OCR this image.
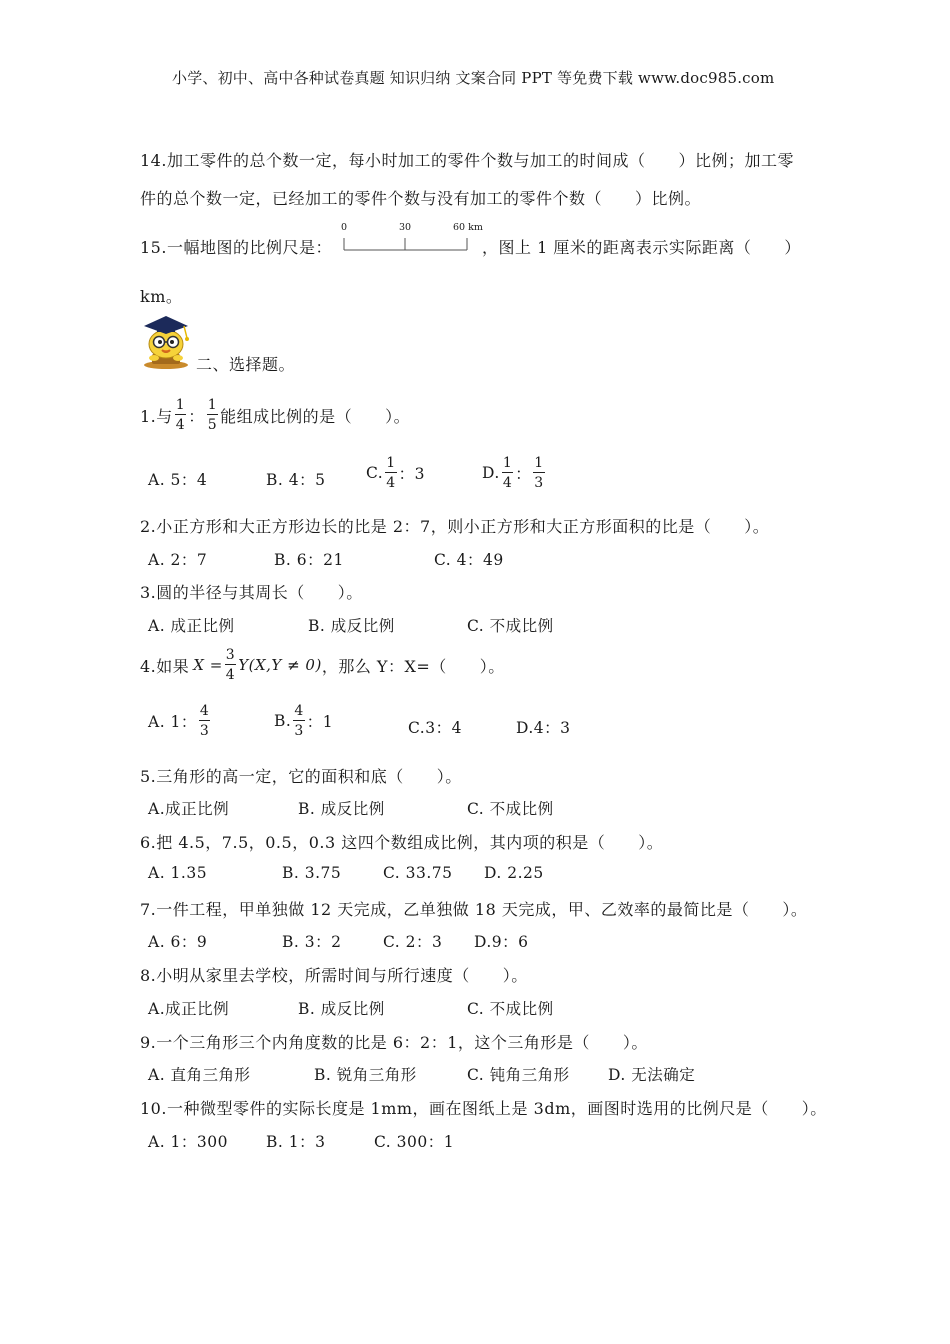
小学、初中、高中各种试卷真题 知识归纳 文案合同 PPT 等免费下载 www.doc985.com
14.加工零件的总个数一定，每小时加工的零件个数与加工的时间成（　　）比例；加工零
件的总个数一定，已经加工的零件个数与没有加工的零件个数（　　）比例。
15.一幅地图的比例尺是：
0	30	60 km
，图上 1 厘米的距离表示实际距离（　　）
km。
二、选择题。
1.与 $\frac{1}{4}$ ： $\frac{1}{5}$ 能组成比例的是（　　）。
A. 5：4	B. 4：5	C. $\frac{1}{4}$ ：3	D. $\frac{1}{4}$ ： $\frac{1}{3}$
2.小正方形和大正方形边长的比是 2：7，则小正方形和大正方形面积的比是（　　）。
A. 2：7	B. 6：21	C. 4：49
3.圆的半径与其周长（　　）。
A. 成正比例	B. 成反比例	C. 不成比例
4.如果 $X = \frac{3}{4} Y(X,Y \ne 0)$ ，那么 Y：X=（　　）。
A. 1： $\frac{4}{3}$	B. $\frac{4}{3}$ ：1	C.3：4	D.4：3
5.三角形的高一定，它的面积和底（　　）。
A.成正比例	B. 成反比例	C. 不成比例
6.把 4.5，7.5，0.5，0.3 这四个数组成比例，其内项的积是（　　）。
A. 1.35	B. 3.75	C. 33.75 D. 2.25
7.一件工程，甲单独做 12 天完成，乙单独做 18 天完成，甲、乙效率的最简比是（　　）。
A. 6：9	B. 3：2	C. 2：3 D.9：6
8.小明从家里去学校，所需时间与所行速度（　　）。
A.成正比例	B. 成反比例	C. 不成比例
9.一个三角形三个内角度数的比是 6：2：1，这个三角形是（　　）。
A. 直角三角形	B. 锐角三角形	C. 钝角三角形 D. 无法确定
10.一种微型零件的实际长度是 1mm，画在图纸上是 3dm，画图时选用的比例尺是（　　）。
A. 1：300 B. 1：3	C. 300：1
